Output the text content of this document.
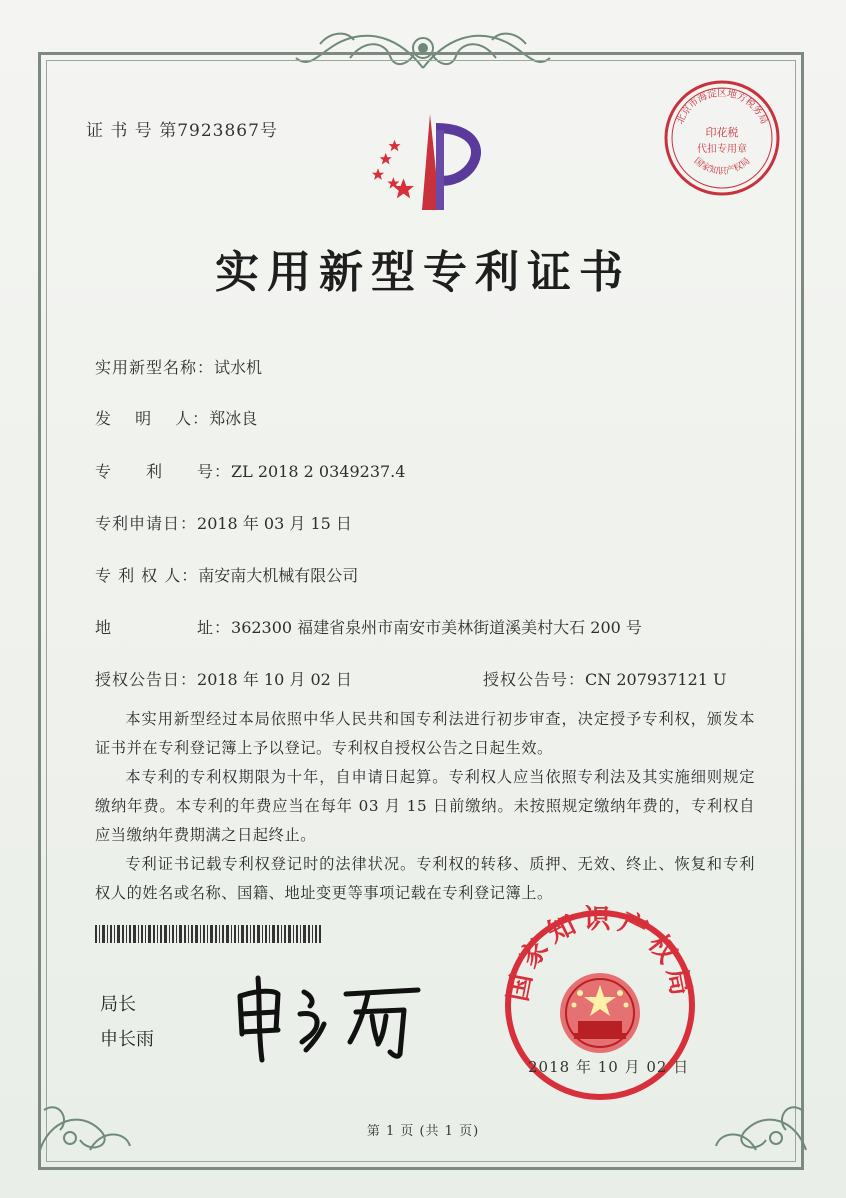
证 书 号 第7923867号
北京市海淀区地方税务局
印花税
代扣专用章
国家知识产权局
实用新型专利证书
实用新型名称：试水机
发　 明　 人：郑冰良
专　　利　　号：ZL 2018 2 0349237.4
专利申请日：2018 年 03 月 15 日
专 利 权 人：南安南大机械有限公司
地　　　　　址：362300 福建省泉州市南安市美林街道溪美村大石 200 号
授权公告日：2018 年 10 月 02 日	授权公告号：CN 207937121 U

本实用新型经过本局依照中华人民共和国专利法进行初步审查，决定授予专利权，颁发本证书并在专利登记簿上予以登记。专利权自授权公告之日起生效。

本专利的专利权期限为十年，自申请日起算。专利权人应当依照专利法及其实施细则规定缴纳年费。本专利的年费应当在每年 03 月 15 日前缴纳。未按照规定缴纳年费的，专利权自应当缴纳年费期满之日起终止。

专利证书记载专利权登记时的法律状况。专利权的转移、质押、无效、终止、恢复和专利权人的姓名或名称、国籍、地址变更等事项记载在专利登记簿上。

局长
申长雨
国家知识产权局
2018 年 10 月 02 日
第 1 页 (共 1 页)
